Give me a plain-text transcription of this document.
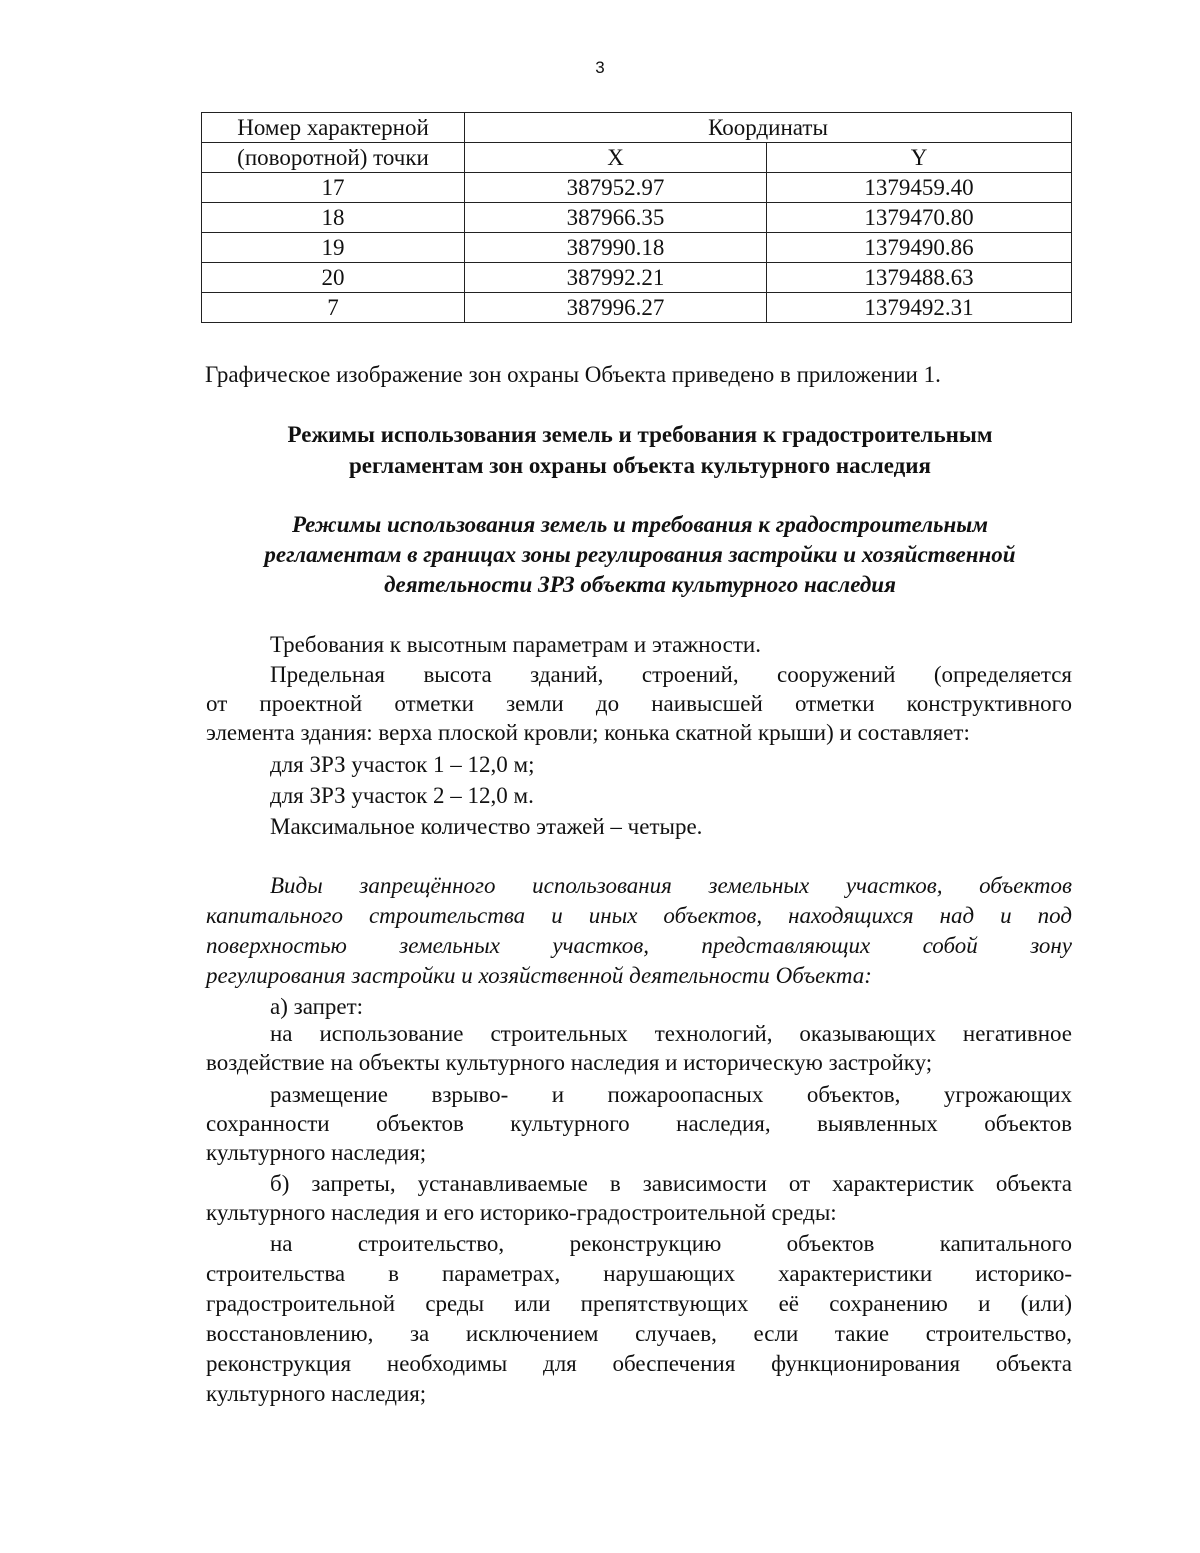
3
Номер характерной	Координаты	
(поворотной) точки	X	Y
17	387952.97	1379459.40
18	387966.35	1379470.80
19	387990.18	1379490.86
20	387992.21	1379488.63
7	387996.27	1379492.31
Графическое изображение зон охраны Объекта приведено в приложении 1.
Режимы использования земель и требования к градостроительным
регламентам зон охраны объекта культурного наследия
Режимы использования земель и требования к градостроительным
регламентам в границах зоны регулирования застройки и хозяйственной
деятельности ЗРЗ объекта культурного наследия
Требования к высотным параметрам и этажности.
Предельная высота зданий, строений, сооружений (определяется
от проектной отметки земли до наивысшей отметки конструктивного
элемента здания: верха плоской кровли; конька скатной крыши) и составляет:
для ЗРЗ участок 1 – 12,0 м;
для ЗРЗ участок 2 – 12,0 м.
Максимальное количество этажей – четыре.
Виды запрещённого использования земельных участков, объектов
капитального строительства и иных объектов, находящихся над и под
поверхностью земельных участков, представляющих собой зону
регулирования застройки и хозяйственной деятельности Объекта:
а) запрет:
на использование строительных технологий, оказывающих негативное
воздействие на объекты культурного наследия и историческую застройку;
размещение взрыво- и пожароопасных объектов, угрожающих
сохранности объектов культурного наследия, выявленных объектов
культурного наследия;
б) запреты, устанавливаемые в зависимости от характеристик объекта
культурного наследия и его историко-градостроительной среды:
на строительство, реконструкцию объектов капитального
строительства в параметрах, нарушающих характеристики историко-
градостроительной среды или препятствующих её сохранению и (или)
восстановлению, за исключением случаев, если такие строительство,
реконструкция необходимы для обеспечения функционирования объекта
культурного наследия;
